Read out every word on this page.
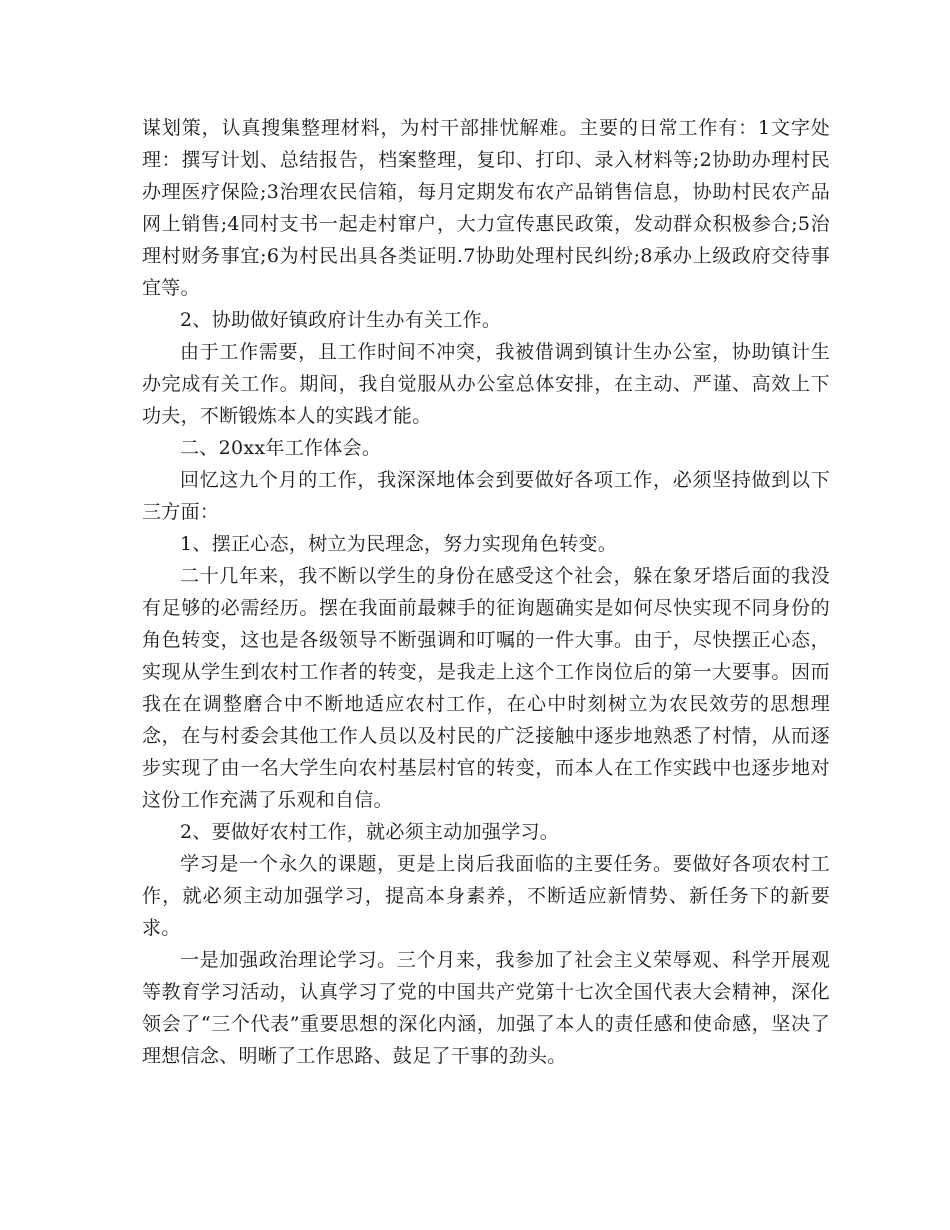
谋划策，认真搜集整理材料，为村干部排忧解难。主要的日常工作有：1文字处理：撰写计划、总结报告，档案整理，复印、打印、录入材料等;2协助办理村民办理医疗保险;3治理农民信箱，每月定期发布农产品销售信息，协助村民农产品网上销售;4同村支书一起走村窜户，大力宣传惠民政策，发动群众积极参合;5治理村财务事宜;6为村民出具各类证明.7协助处理村民纠纷;8承办上级政府交待事宜等。

2、协助做好镇政府计生办有关工作。

由于工作需要，且工作时间不冲突，我被借调到镇计生办公室，协助镇计生办完成有关工作。期间，我自觉服从办公室总体安排，在主动、严谨、高效上下功夫，不断锻炼本人的实践才能。

二、20xx年工作体会。

回忆这九个月的工作，我深深地体会到要做好各项工作，必须坚持做到以下三方面：

1、摆正心态，树立为民理念，努力实现角色转变。

二十几年来，我不断以学生的身份在感受这个社会，躲在象牙塔后面的我没有足够的必需经历。摆在我面前最棘手的征询题确实是如何尽快实现不同身份的角色转变，这也是各级领导不断强调和叮嘱的一件大事。由于，尽快摆正心态，实现从学生到农村工作者的转变，是我走上这个工作岗位后的第一大要事。因而我在在调整磨合中不断地适应农村工作，在心中时刻树立为农民效劳的思想理念，在与村委会其他工作人员以及村民的广泛接触中逐步地熟悉了村情，从而逐步实现了由一名大学生向农村基层村官的转变，而本人在工作实践中也逐步地对这份工作充满了乐观和自信。

2、要做好农村工作，就必须主动加强学习。

学习是一个永久的课题，更是上岗后我面临的主要任务。要做好各项农村工作，就必须主动加强学习，提高本身素养，不断适应新情势、新任务下的新要求。

一是加强政治理论学习。三个月来，我参加了社会主义荣辱观、科学开展观等教育学习活动，认真学习了党的中国共产党第十七次全国代表大会精神，深化领会了“三个代表”重要思想的深化内涵，加强了本人的责任感和使命感，坚决了理想信念、明晰了工作思路、鼓足了干事的劲头。
